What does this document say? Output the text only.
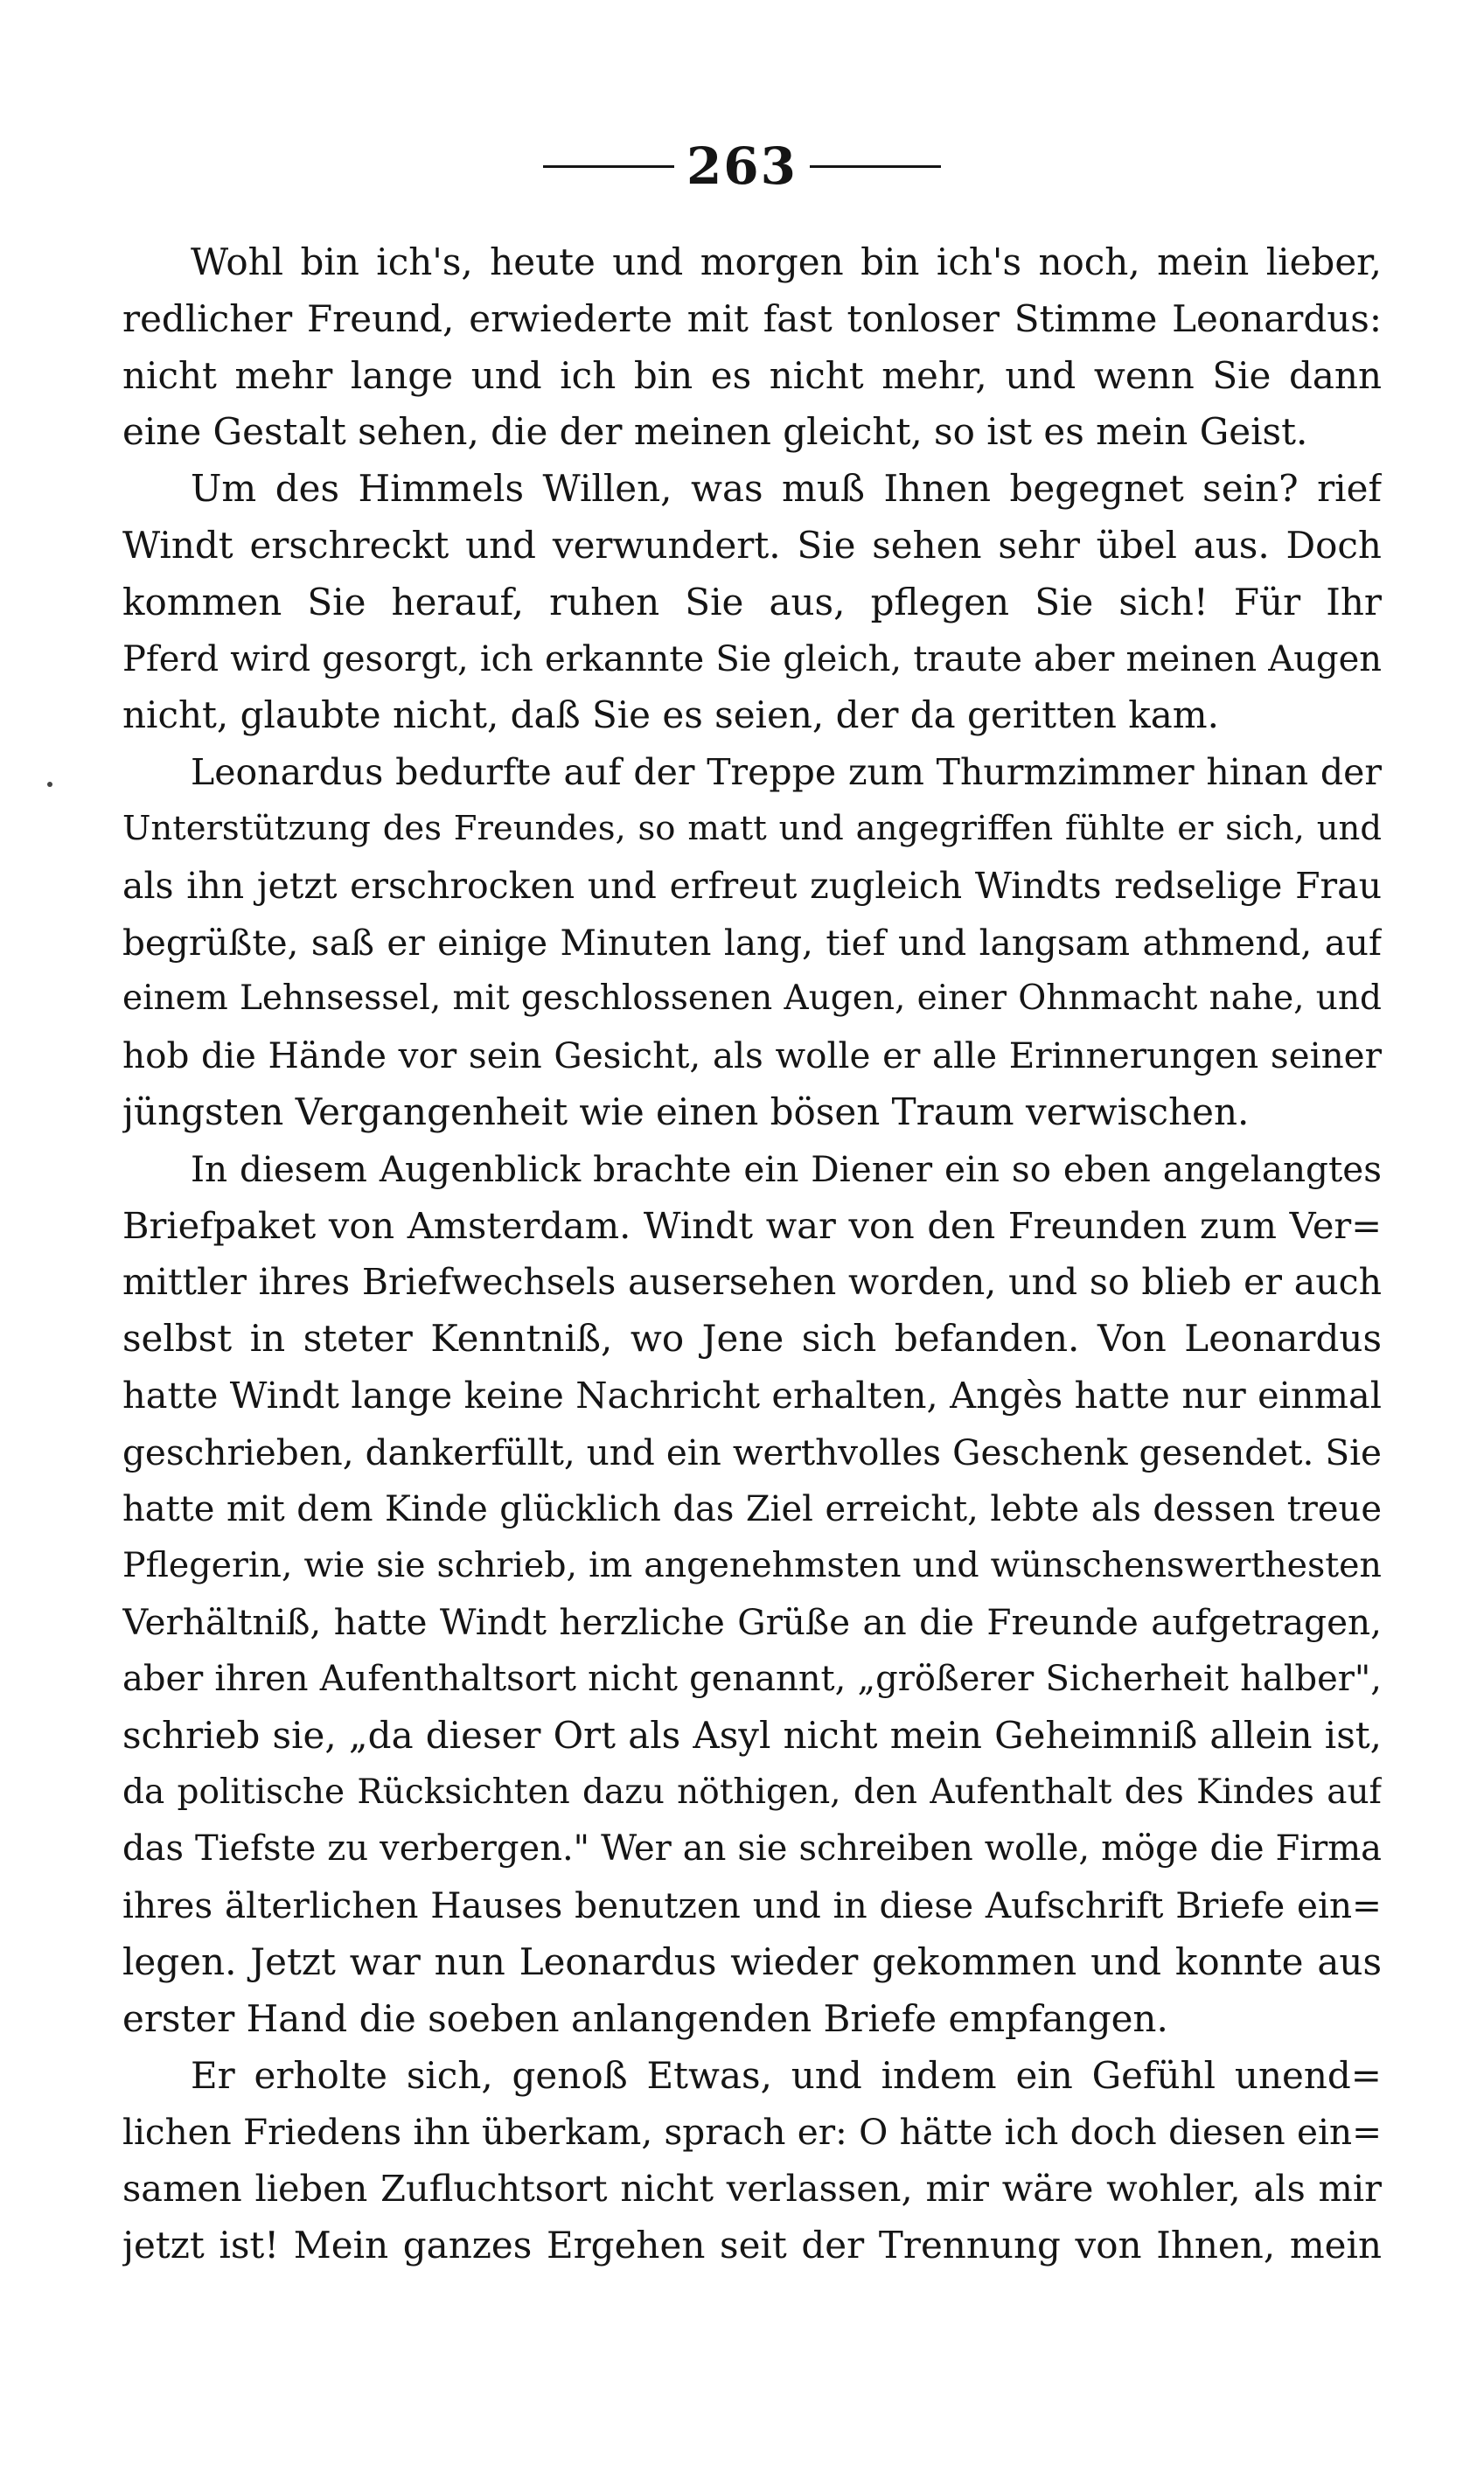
263
Wohl bin ich's, heute und morgen bin ich's noch, mein lieber,
redlicher Freund, erwiederte mit fast tonloser Stimme Leonardus:
nicht mehr lange und ich bin es nicht mehr, und wenn Sie dann
eine Gestalt sehen, die der meinen gleicht, so ist es mein Geist.
Um des Himmels Willen, was muß Ihnen begegnet sein? rief
Windt erschreckt und verwundert. Sie sehen sehr übel aus. Doch
kommen Sie herauf, ruhen Sie aus, pflegen Sie sich! Für Ihr
Pferd wird gesorgt, ich erkannte Sie gleich, traute aber meinen Augen
nicht, glaubte nicht, daß Sie es seien, der da geritten kam.
Leonardus bedurfte auf der Treppe zum Thurmzimmer hinan der
Unterstützung des Freundes, so matt und angegriffen fühlte er sich, und
als ihn jetzt erschrocken und erfreut zugleich Windts redselige Frau
begrüßte, saß er einige Minuten lang, tief und langsam athmend, auf
einem Lehnsessel, mit geschlossenen Augen, einer Ohnmacht nahe, und
hob die Hände vor sein Gesicht, als wolle er alle Erinnerungen seiner
jüngsten Vergangenheit wie einen bösen Traum verwischen.
In diesem Augenblick brachte ein Diener ein so eben angelangtes
Briefpaket von Amsterdam. Windt war von den Freunden zum Ver=
mittler ihres Briefwechsels ausersehen worden, und so blieb er auch
selbst in steter Kenntniß, wo Jene sich befanden. Von Leonardus
hatte Windt lange keine Nachricht erhalten, Angès hatte nur einmal
geschrieben, dankerfüllt, und ein werthvolles Geschenk gesendet. Sie
hatte mit dem Kinde glücklich das Ziel erreicht, lebte als dessen treue
Pflegerin, wie sie schrieb, im angenehmsten und wünschenswerthesten
Verhältniß, hatte Windt herzliche Grüße an die Freunde aufgetragen,
aber ihren Aufenthaltsort nicht genannt, „größerer Sicherheit halber",
schrieb sie, „da dieser Ort als Asyl nicht mein Geheimniß allein ist,
da politische Rücksichten dazu nöthigen, den Aufenthalt des Kindes auf
das Tiefste zu verbergen." Wer an sie schreiben wolle, möge die Firma
ihres älterlichen Hauses benutzen und in diese Aufschrift Briefe ein=
legen. Jetzt war nun Leonardus wieder gekommen und konnte aus
erster Hand die soeben anlangenden Briefe empfangen.
Er erholte sich, genoß Etwas, und indem ein Gefühl unend=
lichen Friedens ihn überkam, sprach er: O hätte ich doch diesen ein=
samen lieben Zufluchtsort nicht verlassen, mir wäre wohler, als mir
jetzt ist! Mein ganzes Ergehen seit der Trennung von Ihnen, mein
